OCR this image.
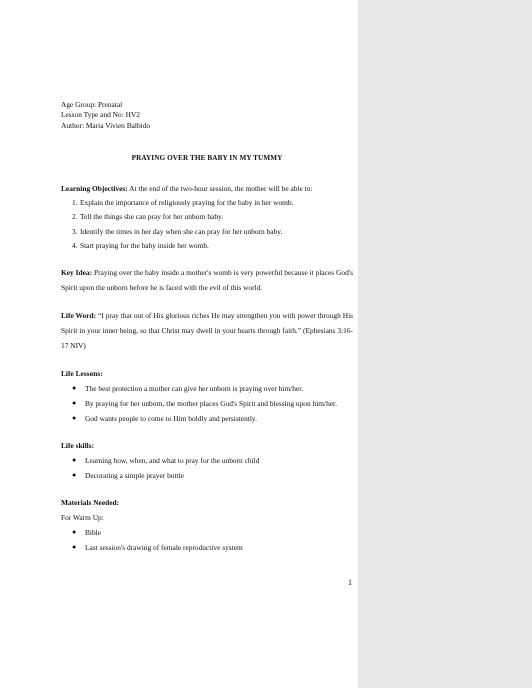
Age Group: Prenatal
Lesson Type and No: HV2
Author: Maria Vivien Balbido
PRAYING OVER THE BABY IN MY TUMMY
Learning Objectives: At the end of the two-hour session, the mother will be able to:
1. Explain the importance of religiously praying for the baby in her womb.
2. Tell the things she can pray for her unborn baby.
3. Identify the times in her day when she can pray for her unborn baby.
4. Start praying for the baby inside her womb.
Key Idea: Praying over the baby inside a mother's womb is very powerful because it places God's Spirit upon the unborn before he is faced with the evil of this world.
Life Word: “I pray that out of His glorious riches He may strengthen you with power through His Spirit in your inner being, so that Christ may dwell in your hearts through faith.” (Ephesians 3:16-17 NIV)
Life Lessons:
● The best protection a mother can give her unborn is praying over him/her.
● By praying for her unborn, the mother places God's Spirit and blessing upon him/her.
● God wants people to come to Him boldly and persistently.
Life skills:
● Learning how, when, and what to pray for the unborn child
● Decorating a simple prayer bottle
Materials Needed:
For Warm Up:
● Bible
● Last session's drawing of female reproductive system
1
